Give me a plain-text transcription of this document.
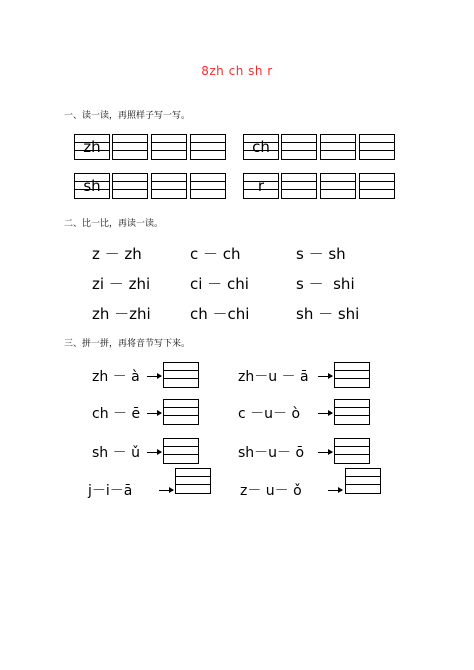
8zh ch sh r
一、读一读，再照样子写一写。
zh	ch
sh	r
二、比一比，再读一读。
z － zh	c － ch	s － sh
zi － zhi	ci － chi	s －  shi
zh －zhi	ch －chi	sh － shi
三、拼一拼，再将音节写下来。
zh － à	zh－u － ā
ch － ē	c －u－ ò
sh － ǔ	sh－u－ ō
j－i－ā	z－ u－ ǒ
